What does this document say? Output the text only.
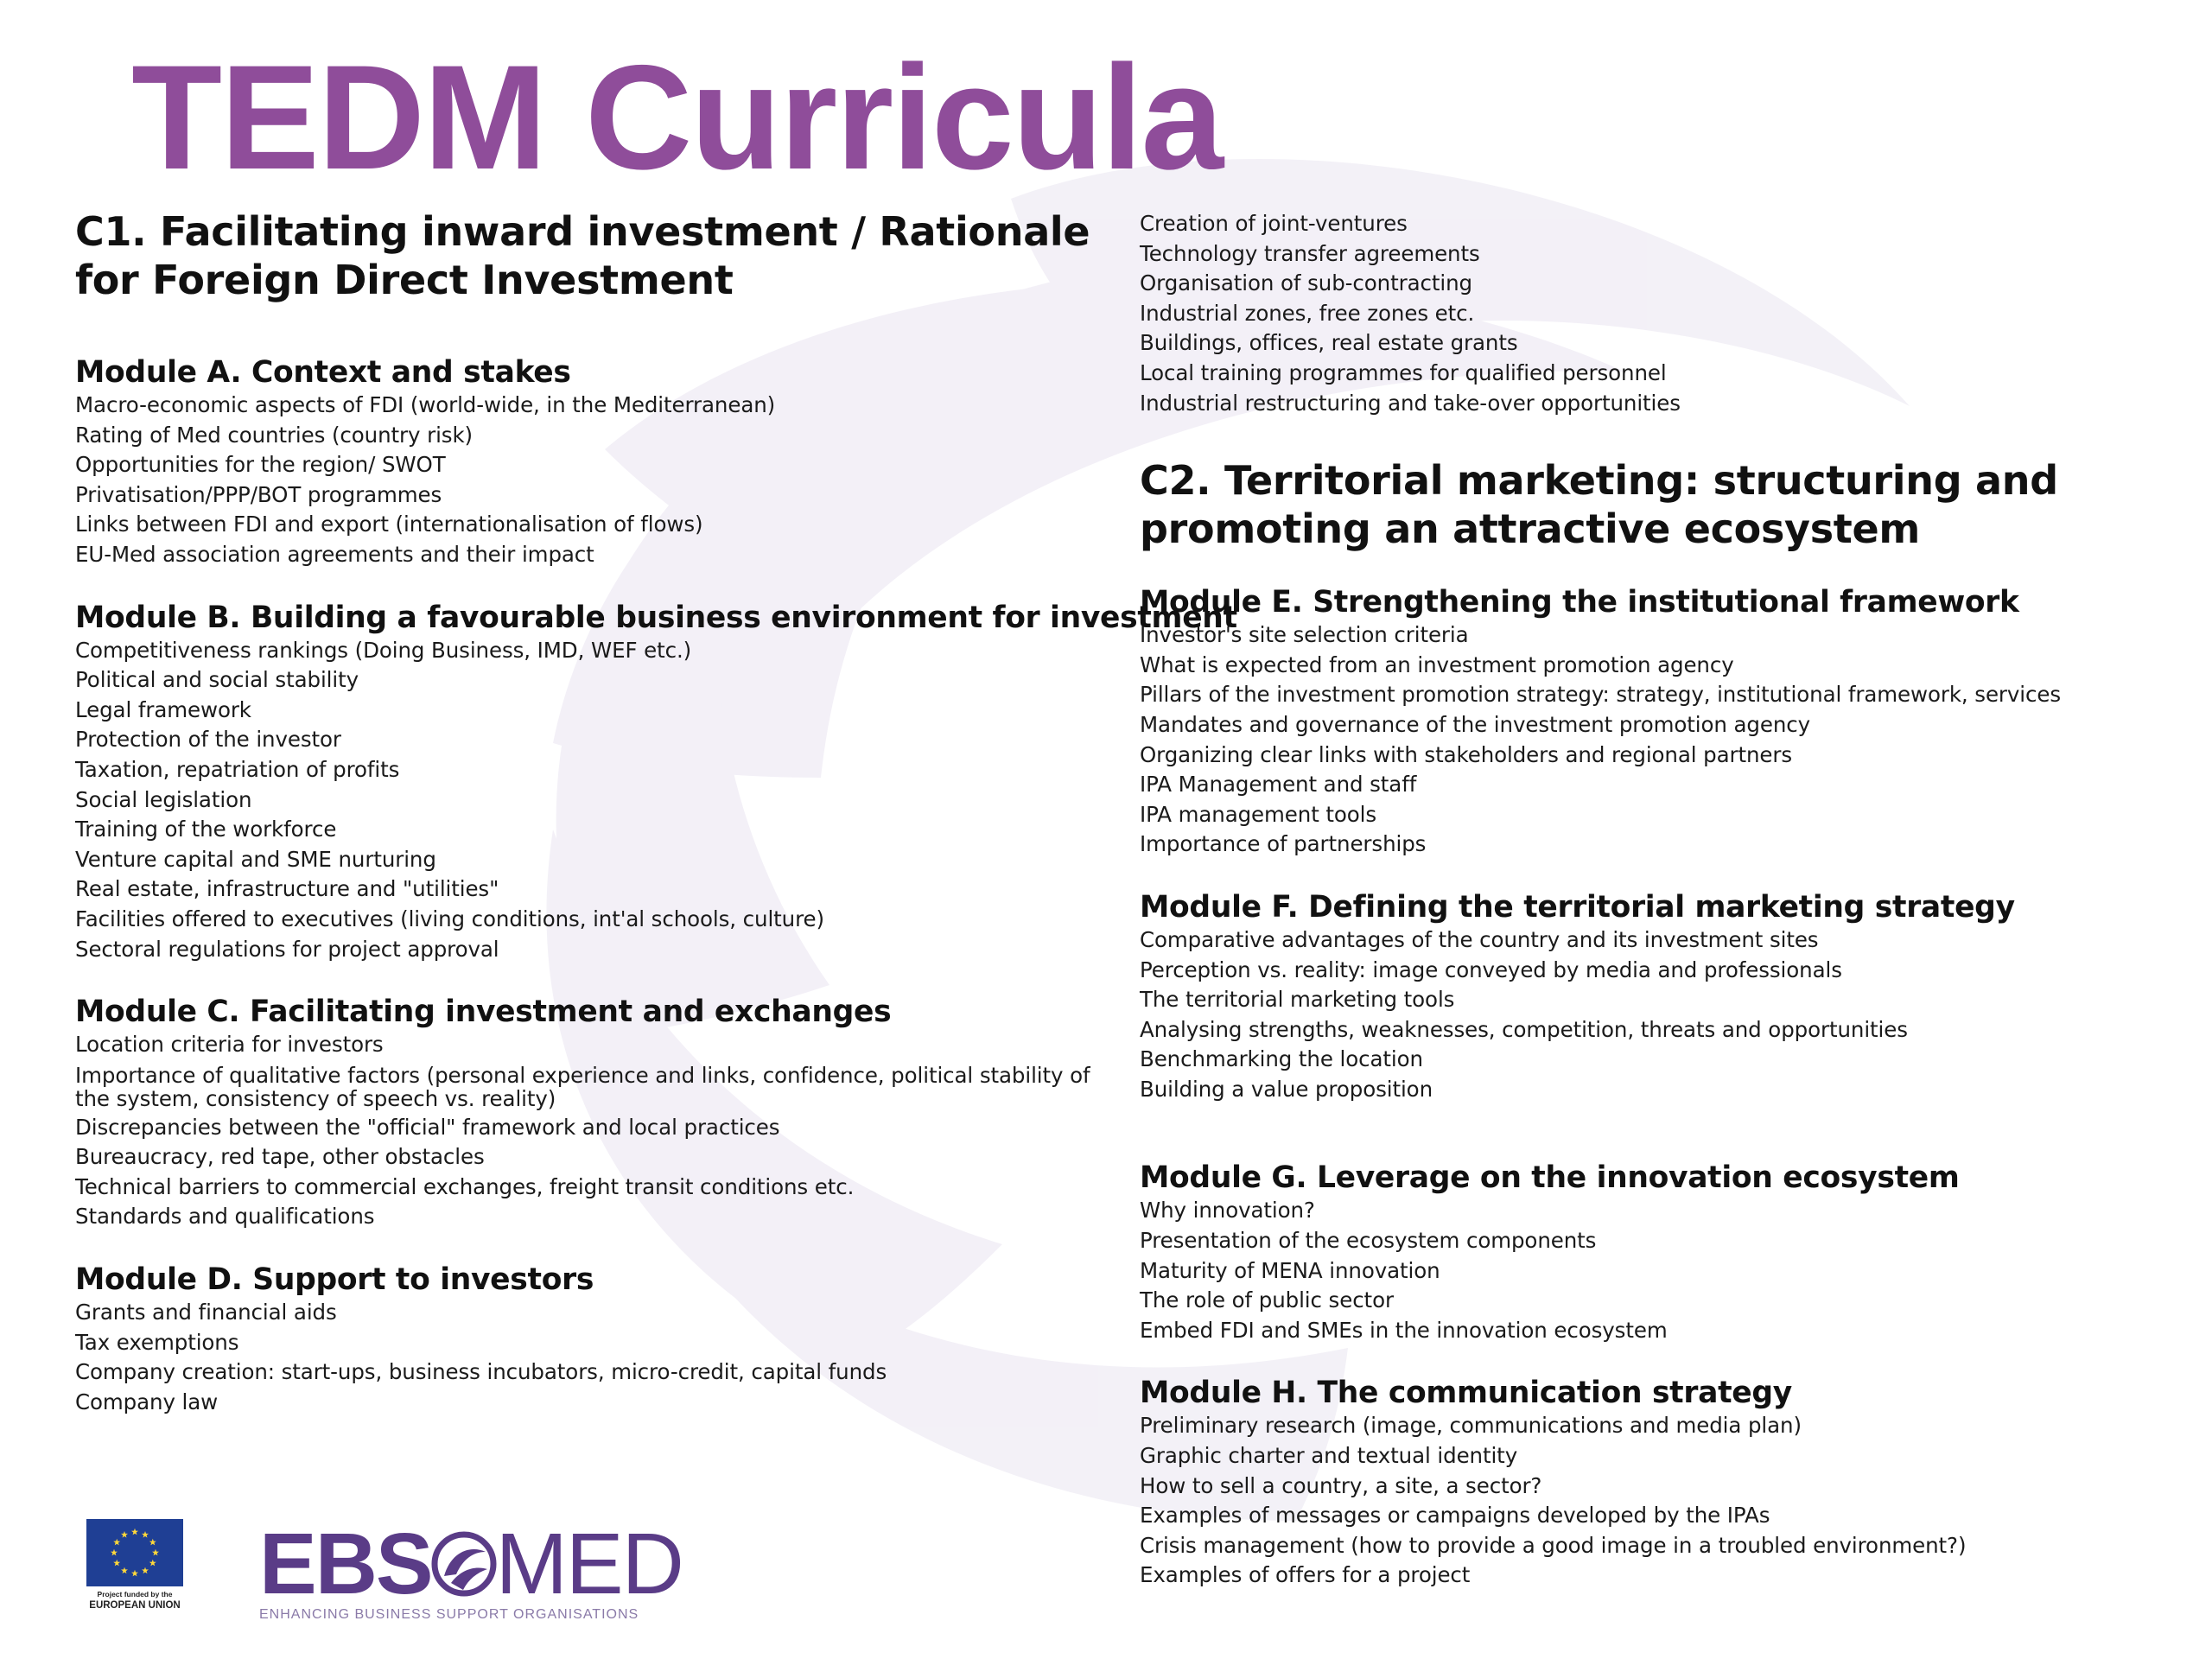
TEDM Curricula
C1. Facilitating inward investment / Rationale for Foreign Direct Investment
Module A. Context and stakes
Macro-economic aspects of FDI (world-wide, in the Mediterranean)
Rating of Med countries (country risk)
Opportunities for the region/ SWOT
Privatisation/PPP/BOT programmes
Links between FDI and export (internationalisation of flows)
EU-Med association agreements and their impact
Module B. Building a favourable business environment for investment
Competitiveness rankings (Doing Business, IMD, WEF etc.)
Political and social stability
Legal framework
Protection of the investor
Taxation, repatriation of profits
Social legislation
Training of the workforce
Venture capital and SME nurturing
Real estate, infrastructure and "utilities"
Facilities offered to executives (living conditions, int'al schools, culture)
Sectoral regulations for project approval
Module C. Facilitating investment and exchanges
Location criteria for investors
Importance of qualitative factors (personal experience and links, confidence, political stability of the system, consistency of speech vs. reality)
Discrepancies between the "official" framework and local practices
Bureaucracy, red tape, other obstacles
Technical barriers to commercial exchanges, freight transit conditions etc.
Standards and qualifications
Module D. Support to investors
Grants and financial aids
Tax exemptions
Company creation: start-ups, business incubators, micro-credit, capital funds
Company law
Creation of joint-ventures
Technology transfer agreements
Organisation of sub-contracting
Industrial zones, free zones etc.
Buildings, offices, real estate grants
Local training programmes for qualified personnel
Industrial restructuring and take-over opportunities
C2. Territorial marketing: structuring and promoting an attractive ecosystem
Module E. Strengthening the institutional framework
Investor's site selection criteria
What is expected from an investment promotion agency
Pillars of the investment promotion strategy: strategy, institutional framework, services
Mandates and governance of the investment promotion agency
Organizing clear links with stakeholders and regional partners
IPA Management and staff
IPA management tools
Importance of partnerships
Module F. Defining the territorial marketing strategy
Comparative advantages of the country and its investment sites
Perception vs. reality: image conveyed by media and professionals
The territorial marketing tools
Analysing strengths, weaknesses, competition, threats and opportunities
Benchmarking the location
Building a value proposition
Module G. Leverage on the innovation ecosystem
Why innovation?
Presentation of the ecosystem components
Maturity of MENA innovation
The role of public sector
Embed FDI and SMEs in the innovation ecosystem
Module H. The communication strategy
Preliminary research (image, communications and media plan)
Graphic charter and textual identity
How to sell a country, a site, a sector?
Examples of messages or campaigns developed by the IPAs
Crisis management (how to provide a good image in a troubled environment?)
Examples of offers for a project
Project funded by the
EUROPEAN UNION EBS MED
ENHANCING BUSINESS SUPPORT ORGANISATIONS
